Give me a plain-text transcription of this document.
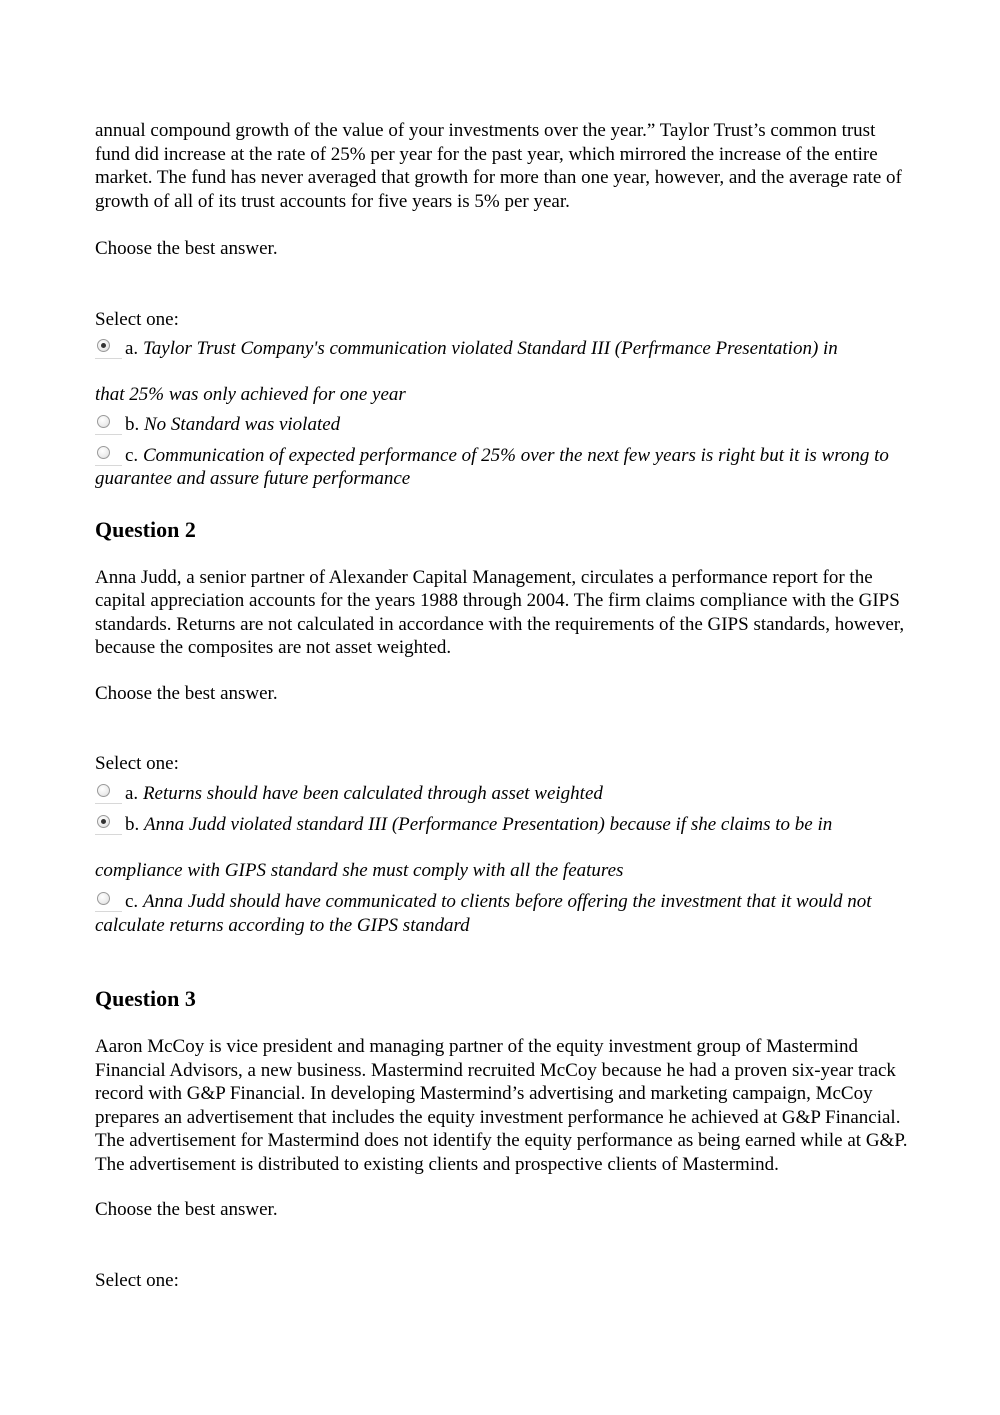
annual compound growth of the value of your investments over the year.” Taylor Trust’s common trust fund did increase at the rate of 25% per year for the past year, which mirrored the increase of the entire market. The fund has never averaged that growth for more than one year, however, and the average rate of growth of all of its trust accounts for five years is 5% per year.

Choose the best answer.

Select one:

a. Taylor Trust Company's communication violated Standard III (Perfrmance Presentation) in

that 25% was only achieved for one year

b. No Standard was violated
c. Communication of expected performance of 25% over the next few years is right but it is wrong to guarantee and assure future performance
Question 2

Anna Judd, a senior partner of Alexander Capital Management, circulates a performance report for the capital appreciation accounts for the years 1988 through 2004. The firm claims compliance with the GIPS standards. Returns are not calculated in accordance with the requirements of the GIPS standards, however, because the composites are not asset weighted.

Choose the best answer.

Select one:

a. Returns should have been calculated through asset weighted
b. Anna Judd violated standard III (Performance Presentation) because if she claims to be in

compliance with GIPS standard she must comply with all the features

c. Anna Judd should have communicated to clients before offering the investment that it would not calculate returns according to the GIPS standard
Question 3

Aaron McCoy is vice president and managing partner of the equity investment group of Mastermind Financial Advisors, a new business. Mastermind recruited McCoy because he had a proven six-year track record with G&P Financial. In developing Mastermind’s advertising and marketing campaign, McCoy prepares an advertisement that includes the equity investment performance he achieved at G&P Financial. The advertisement for Mastermind does not identify the equity performance as being earned while at G&P. The advertisement is distributed to existing clients and prospective clients of Mastermind.

Choose the best answer.

Select one:
